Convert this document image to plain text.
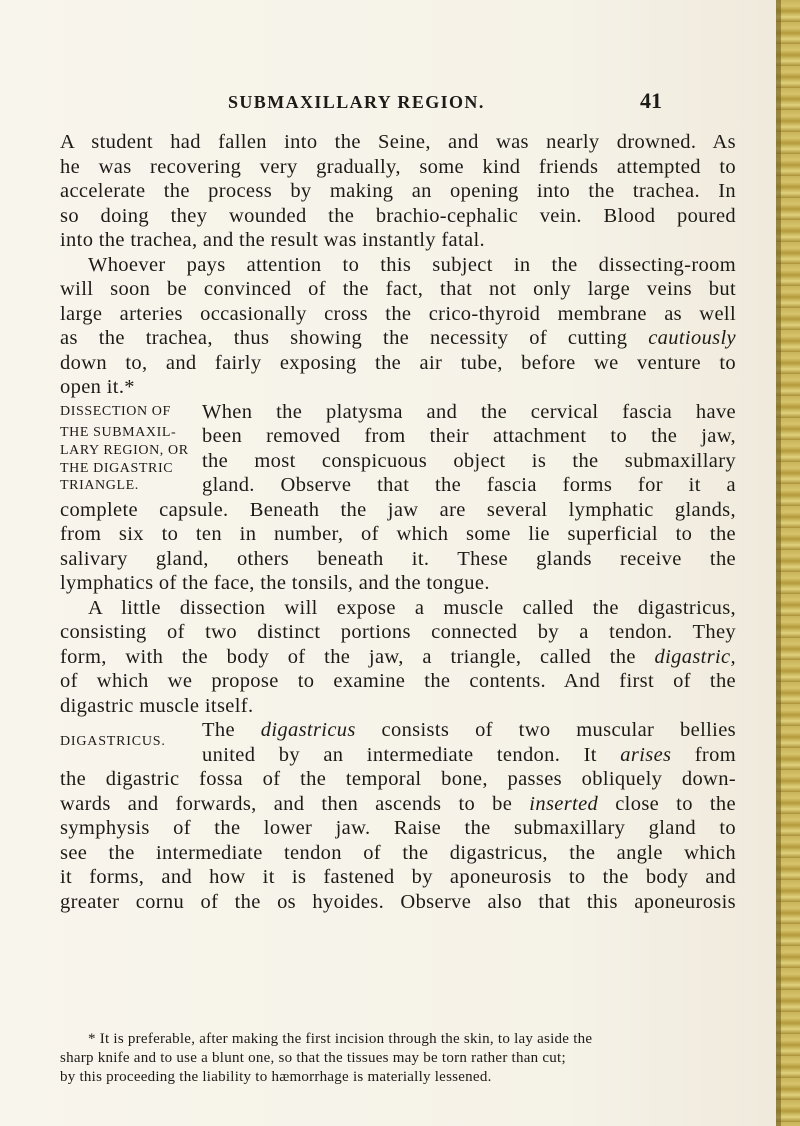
SUBMAXILLARY REGION.	41
A student had fallen into the Seine, and was nearly drowned. As
he was recovering very gradually, some kind friends attempted to
accelerate the process by making an opening into the trachea. In
so doing they wounded the brachio-cephalic vein. Blood poured
into the trachea, and the result was instantly fatal.
Whoever pays attention to this subject in the dissecting-room
will soon be convinced of the fact, that not only large veins but
large arteries occasionally cross the crico-thyroid membrane as well
as the trachea, thus showing the necessity of cutting cautiously
down to, and fairly exposing the air tube, before we venture to
open it.*
DISSECTION OF
THE SUBMAXIL-
LARY REGION, OR
THE DIGASTRIC
When the platysma and the cervical fascia have
been removed from their attachment to the jaw,
the most conspicuous object is the submaxillary
gland. Observe that the fascia forms for it a
TRIANGLE.
complete capsule. Beneath the jaw are several lymphatic glands,
from six to ten in number, of which some lie superficial to the
salivary gland, others beneath it. These glands receive the
lymphatics of the face, the tonsils, and the tongue.
A little dissection will expose a muscle called the digastricus,
consisting of two distinct portions connected by a tendon. They
form, with the body of the jaw, a triangle, called the digastric,
of which we propose to examine the contents. And first of the
digastric muscle itself.
DIGASTRICUS.
The digastricus consists of two muscular bellies
united by an intermediate tendon. It arises from
the digastric fossa of the temporal bone, passes obliquely down-
wards and forwards, and then ascends to be inserted close to the
symphysis of the lower jaw. Raise the submaxillary gland to
see the intermediate tendon of the digastricus, the angle which
it forms, and how it is fastened by aponeurosis to the body and
greater cornu of the os hyoides. Observe also that this aponeurosis
* It is preferable, after making the first incision through the skin, to lay aside the
sharp knife and to use a blunt one, so that the tissues may be torn rather than cut;
by this proceeding the liability to hæmorrhage is materially lessened.
